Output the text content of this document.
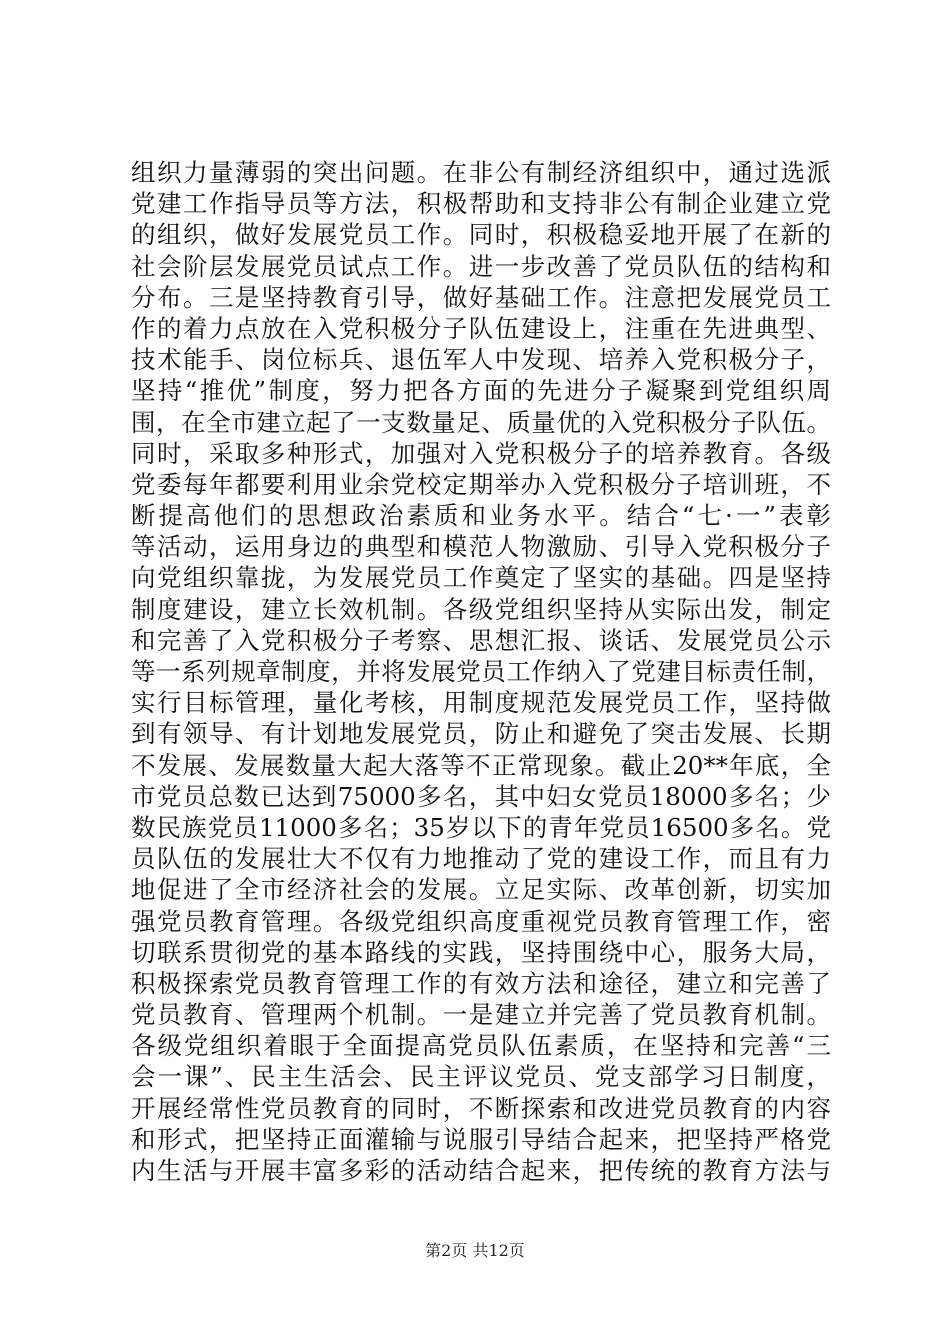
组织力量薄弱的突出问题。在非公有制经济组织中，通过选派
党建工作指导员等方法，积极帮助和支持非公有制企业建立党
的组织，做好发展党员工作。同时，积极稳妥地开展了在新的
社会阶层发展党员试点工作。进一步改善了党员队伍的结构和
分布。三是坚持教育引导，做好基础工作。注意把发展党员工
作的着力点放在入党积极分子队伍建设上，注重在先进典型、
技术能手、岗位标兵、退伍军人中发现、培养入党积极分子，
坚持“推优”制度，努力把各方面的先进分子凝聚到党组织周
围，在全市建立起了一支数量足、质量优的入党积极分子队伍。
同时，采取多种形式，加强对入党积极分子的培养教育。各级
党委每年都要利用业余党校定期举办入党积极分子培训班，不
断提高他们的思想政治素质和业务水平。结合“七·一”表彰
等活动，运用身边的典型和模范人物激励、引导入党积极分子
向党组织靠拢，为发展党员工作奠定了坚实的基础。四是坚持
制度建设，建立长效机制。各级党组织坚持从实际出发，制定
和完善了入党积极分子考察、思想汇报、谈话、发展党员公示
等一系列规章制度，并将发展党员工作纳入了党建目标责任制，
实行目标管理，量化考核，用制度规范发展党员工作，坚持做
到有领导、有计划地发展党员，防止和避免了突击发展、长期
不发展、发展数量大起大落等不正常现象。截止20**年底，全
市党员总数已达到75000多名，其中妇女党员18000多名；少
数民族党员11000多名；35岁以下的青年党员16500多名。党
员队伍的发展壮大不仅有力地推动了党的建设工作，而且有力
地促进了全市经济社会的发展。立足实际、改革创新，切实加
强党员教育管理。各级党组织高度重视党员教育管理工作，密
切联系贯彻党的基本路线的实践，坚持围绕中心，服务大局，
积极探索党员教育管理工作的有效方法和途径，建立和完善了
党员教育、管理两个机制。一是建立并完善了党员教育机制。
各级党组织着眼于全面提高党员队伍素质，在坚持和完善“三
会一课”、民主生活会、民主评议党员、党支部学习日制度，
开展经常性党员教育的同时，不断探索和改进党员教育的内容
和形式，把坚持正面灌输与说服引导结合起来，把坚持严格党
内生活与开展丰富多彩的活动结合起来，把传统的教育方法与
第2页 共12页
